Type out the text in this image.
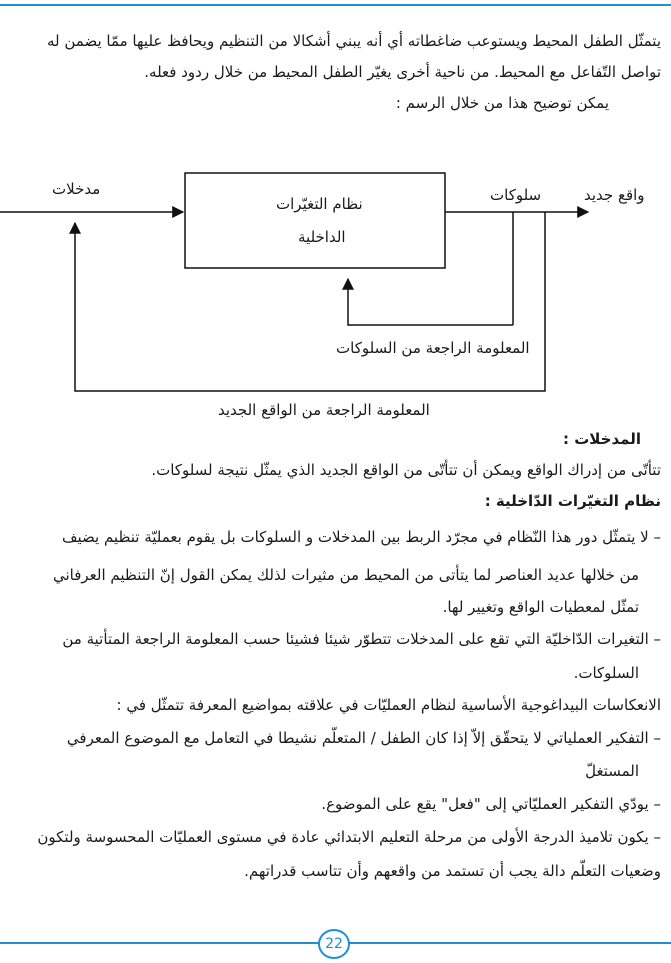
يتمثّل الطفل المحيط ويستوعب ضاغطاته أي أنه يبني أشكالا من التنظيم ويحافظ عليها ممّا يضمن له
تواصل التّفاعل مع المحيط. من ناحية أخرى يغيّر الطفل المحيط من خلال ردود فعله.
يمكن توضيح هذا من خلال الرسم :
مدخلات
نظام التغيّرات
الداخلية
سلوكات	واقع جديد
المعلومة الراجعة من السلوكات
المعلومة الراجعة من الواقع الجديد
المدخلات :
تتأتّى من إدراك الواقع ويمكن أن تتأتّى من الواقع الجديد الذي يمثّل نتيجة لسلوكات.
نظام التغيّرات الدّاخلية :
– لا يتمثّل دور هذا النّظام في مجرّد الربط بين المدخلات و السلوكات بل يقوم بعمليّة تنظيم يضيف
من خلالها عديد العناصر لما يتأتى من المحيط من مثيرات لذلك يمكن القول إنّ التنظيم العرفاني
تمثّل لمعطيات الواقع وتغيير لها.
– التغيرات الدّاخليّة التي تقع على المدخلات تتطوّر شيئا فشيئا حسب المعلومة الراجعة المتأتية من
السلوكات.
الانعكاسات البيداغوجية الأساسية لنظام العمليّات في علاقته بمواضيع المعرفة تتمثّل في :
– التفكير العملياتي لا يتحقّق إلاّ إذا كان الطفل / المتعلّم نشيطا في التعامل مع الموضوع المعرفي
المستغلّ
– يودّي التفكير العمليّاتي إلى "فعل" يقع على الموضوع.
– يكون تلاميذ الدرجة الأولى من مرحلة التعليم الابتدائي عادة في مستوى العمليّات المحسوسة ولتكون
وضعيات التعلّم دالة يجب أن تستمد من واقعهم وأن تتاسب قدراتهم.
22
